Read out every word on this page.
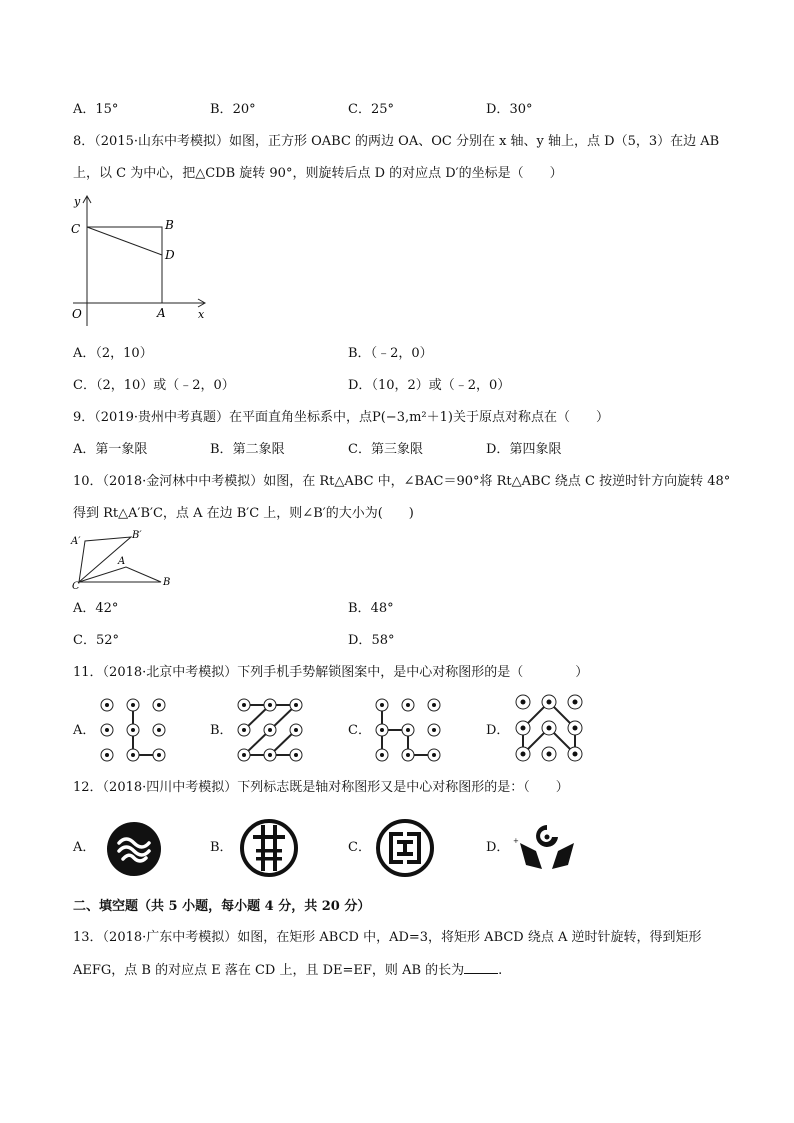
A．15°	B．20°	C．25°	D．30°
8．（2015·山东中考模拟）如图，正方形 OABC 的两边 OA、OC 分别在 x 轴、y 轴上，点 D（5，3）在边 AB
上，以 C 为中心，把△CDB 旋转 90°，则旋转后点 D 的对应点 D′的坐标是（　　）
y
x
O	A
B
C
D
A．（2，10）	B．（﹣2，0）
C．（2，10）或（﹣2，0）	D．（10，2）或（﹣2，0）
9．（2019·贵州中考真题）在平面直角坐标系中，点P(−3,m²＋1)关于原点对称点在（　　）
A．第一象限	B．第二象限	C．第三象限	D．第四象限
10．（2018·金河林中中考模拟）如图，在 Rt△ABC 中，∠BAC＝90°将 Rt△ABC 绕点 C 按逆时针方向旋转 48°
得到 Rt△A′B′C，点 A 在边 B′C 上，则∠B′的大小为(　　)
A′
B′
A
B
C
A．42°	B．48°
C．52°	D．58°
11．（2018·北京中考模拟）下列手机手势解锁图案中，是中心对称图形的是（　　　　）
A．	B．	C．	D．
12．（2018·四川中考模拟）下列标志既是轴对称图形又是中心对称图形的是：（　　）
A．	B．	C．	D． +
二、填空题（共 5 小题，每小题 4 分，共 20 分）
13．（2018·广东中考模拟）如图，在矩形 ABCD 中，AD=3，将矩形 ABCD 绕点 A 逆时针旋转，得到矩形
AEFG，点 B 的对应点 E 落在 CD 上，且 DE=EF，则 AB 的长为	.
